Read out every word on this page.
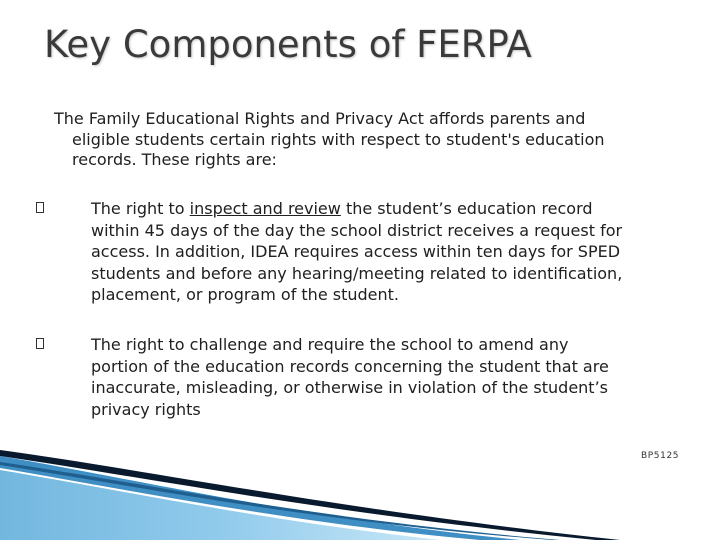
Key Components of FERPA
The Family Educational Rights and Privacy Act affords parents and
eligible students certain rights with respect to student's education
records. These rights are:
The right to inspect and review the student’s education record
within 45 days of the day the school district receives a request for
access. In addition, IDEA requires access within ten days for SPED
students and before any hearing/meeting related to identification,
placement, or program of the student.
The right to challenge and require the school to amend any
portion of the education records concerning the student that are
inaccurate, misleading, or otherwise in violation of the student’s
privacy rights
BP5125
